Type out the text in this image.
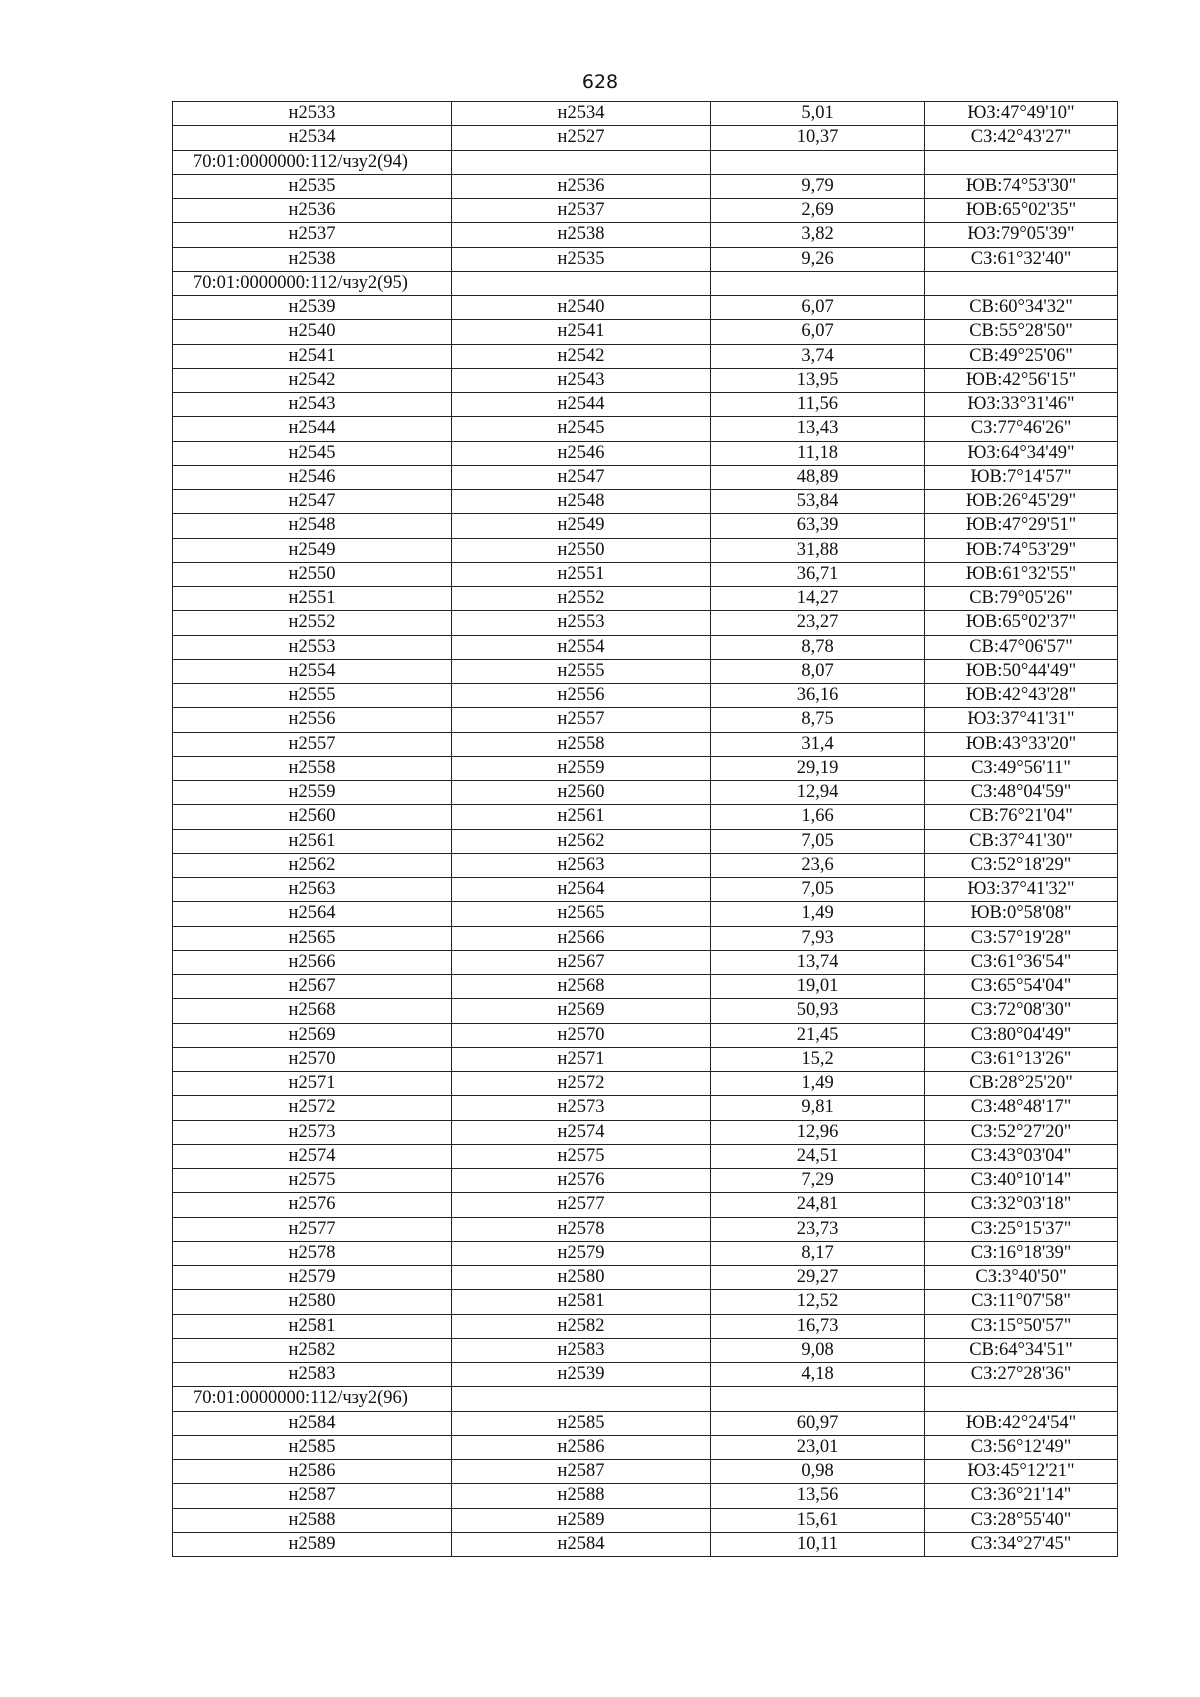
628
н2533	н2534	5,01	ЮЗ:47°49'10"
н2534	н2527	10,37	СЗ:42°43'27"
70:01:0000000:112/чзу2(94)			
н2535	н2536	9,79	ЮВ:74°53'30"
н2536	н2537	2,69	ЮВ:65°02'35"
н2537	н2538	3,82	ЮЗ:79°05'39"
н2538	н2535	9,26	СЗ:61°32'40"
70:01:0000000:112/чзу2(95)			
н2539	н2540	6,07	СВ:60°34'32"
н2540	н2541	6,07	СВ:55°28'50"
н2541	н2542	3,74	СВ:49°25'06"
н2542	н2543	13,95	ЮВ:42°56'15"
н2543	н2544	11,56	ЮЗ:33°31'46"
н2544	н2545	13,43	СЗ:77°46'26"
н2545	н2546	11,18	ЮЗ:64°34'49"
н2546	н2547	48,89	ЮВ:7°14'57"
н2547	н2548	53,84	ЮВ:26°45'29"
н2548	н2549	63,39	ЮВ:47°29'51"
н2549	н2550	31,88	ЮВ:74°53'29"
н2550	н2551	36,71	ЮВ:61°32'55"
н2551	н2552	14,27	СВ:79°05'26"
н2552	н2553	23,27	ЮВ:65°02'37"
н2553	н2554	8,78	СВ:47°06'57"
н2554	н2555	8,07	ЮВ:50°44'49"
н2555	н2556	36,16	ЮВ:42°43'28"
н2556	н2557	8,75	ЮЗ:37°41'31"
н2557	н2558	31,4	ЮВ:43°33'20"
н2558	н2559	29,19	СЗ:49°56'11"
н2559	н2560	12,94	СЗ:48°04'59"
н2560	н2561	1,66	СВ:76°21'04"
н2561	н2562	7,05	СВ:37°41'30"
н2562	н2563	23,6	СЗ:52°18'29"
н2563	н2564	7,05	ЮЗ:37°41'32"
н2564	н2565	1,49	ЮВ:0°58'08"
н2565	н2566	7,93	СЗ:57°19'28"
н2566	н2567	13,74	СЗ:61°36'54"
н2567	н2568	19,01	СЗ:65°54'04"
н2568	н2569	50,93	СЗ:72°08'30"
н2569	н2570	21,45	СЗ:80°04'49"
н2570	н2571	15,2	СЗ:61°13'26"
н2571	н2572	1,49	СВ:28°25'20"
н2572	н2573	9,81	СЗ:48°48'17"
н2573	н2574	12,96	СЗ:52°27'20"
н2574	н2575	24,51	СЗ:43°03'04"
н2575	н2576	7,29	СЗ:40°10'14"
н2576	н2577	24,81	СЗ:32°03'18"
н2577	н2578	23,73	СЗ:25°15'37"
н2578	н2579	8,17	СЗ:16°18'39"
н2579	н2580	29,27	СЗ:3°40'50"
н2580	н2581	12,52	СЗ:11°07'58"
н2581	н2582	16,73	СЗ:15°50'57"
н2582	н2583	9,08	СВ:64°34'51"
н2583	н2539	4,18	СЗ:27°28'36"
70:01:0000000:112/чзу2(96)			
н2584	н2585	60,97	ЮВ:42°24'54"
н2585	н2586	23,01	СЗ:56°12'49"
н2586	н2587	0,98	ЮЗ:45°12'21"
н2587	н2588	13,56	СЗ:36°21'14"
н2588	н2589	15,61	СЗ:28°55'40"
н2589	н2584	10,11	СЗ:34°27'45"
